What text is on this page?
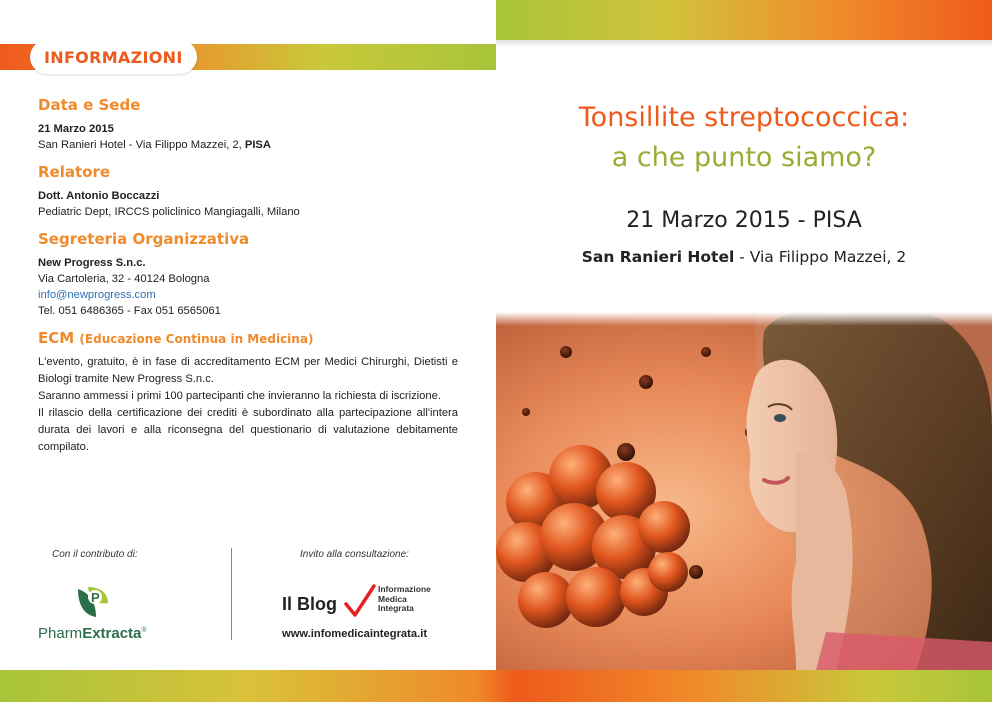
INFORMAZIONI
Data e Sede
21 Marzo 2015
San Ranieri Hotel - Via Filippo Mazzei, 2, PISA
Relatore
Dott. Antonio Boccazzi
Pediatric Dept, IRCCS policlinico Mangiagalli, Milano
Segreteria Organizzativa
New Progress S.n.c.
Via Cartoleria, 32 - 40124 Bologna
info@newprogress.com
Tel. 051 6486365 - Fax 051 6565061
ECM (Educazione Continua in Medicina)
L'evento, gratuito, è in fase di accreditamento ECM per Medici Chirurghi, Dietisti e Biologi tramite New Progress S.n.c.
Saranno ammessi i primi 100 partecipanti che invieranno la richiesta di iscrizione.
Il rilascio della certificazione dei crediti è subordinato alla partecipazione all'intera durata dei lavori e alla riconsegna del questionario di valutazione debitamente compilato.
Con il contributo di:	Invito alla consultazione:
P
PharmExtracta®
Il Blog
Informazione
Medica
Integrata
www.infomedicaintegrata.it
Tonsillite streptococcica:
a che punto siamo?
21 Marzo 2015 - PISA
San Ranieri Hotel - Via Filippo Mazzei, 2
